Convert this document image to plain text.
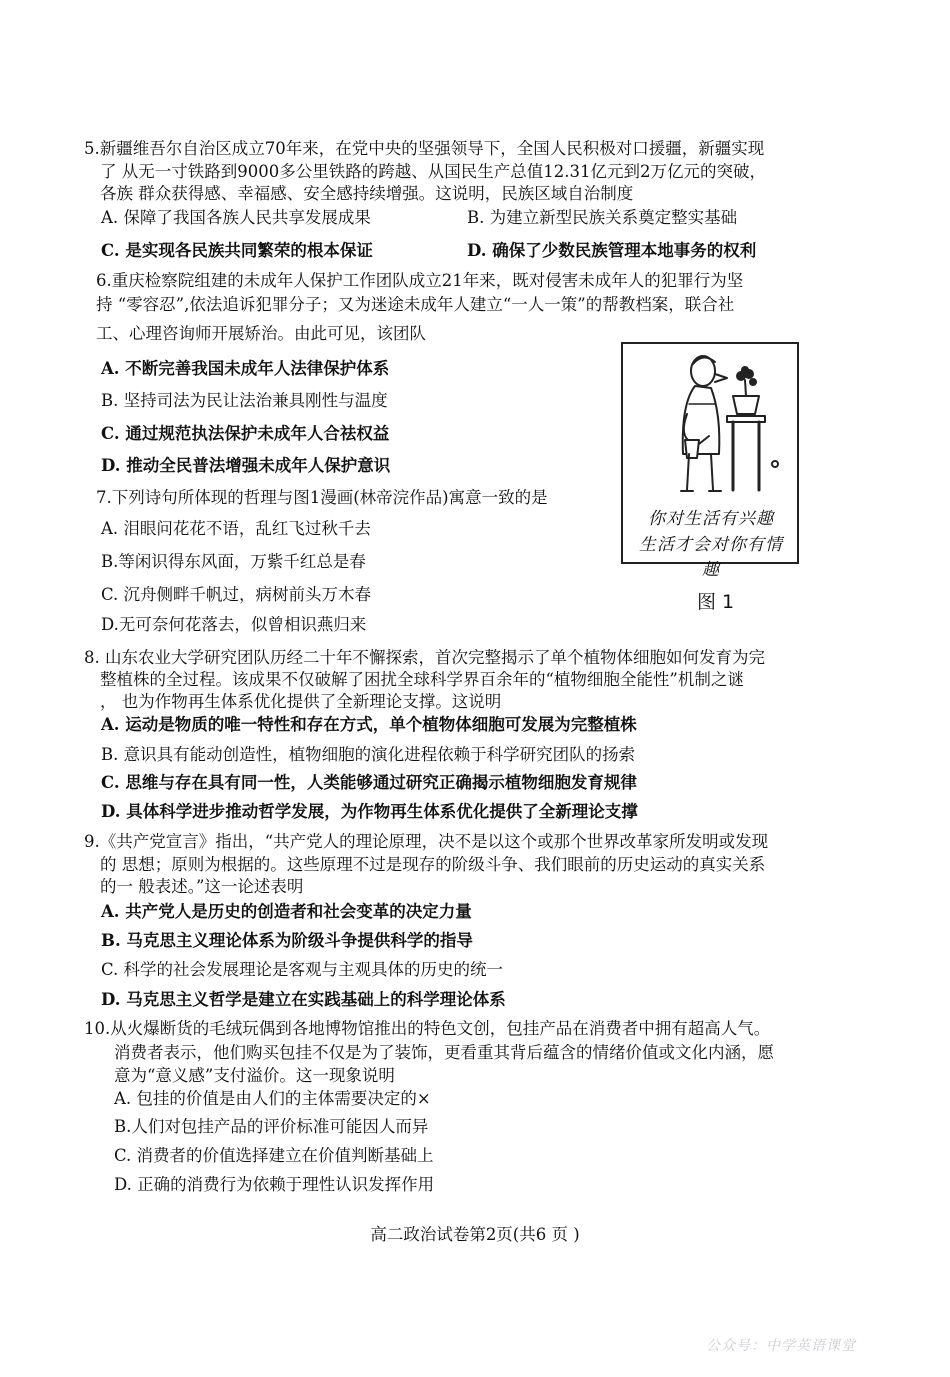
5.新疆维吾尔自治区成立70年来，在党中央的坚强领导下，全国人民积极对口援疆，新疆实现
了 从无一寸铁路到9000多公里铁路的跨越、从国民生产总值12.31亿元到2万亿元的突破，
各族 群众获得感、幸福感、安全感持续增强。这说明，民族区域自治制度
A. 保障了我国各族人民共享发展成果	B. 为建立新型民族关系奠定整实基础
C. 是实现各民族共同繁荣的根本保证	D. 确保了少数民族管理本地事务的权利
6.重庆检察院组建的未成年人保护工作团队成立21年来，既对侵害未成年人的犯罪行为坚
持 “零容忍”,依法追诉犯罪分子；又为迷途未成年人建立“一人一策”的帮教档案，联合社
工、心理咨询师开展矫治。由此可见，该团队
A. 不断完善我国未成年人法律保护体系
B. 坚持司法为民让法治兼具刚性与温度
C. 通过规范执法保护未成年人合祛权益
D. 推动全民普法增强未成年人保护意识
7.下列诗句所体现的哲理与图1漫画(林帝浣作品)寓意一致的是
A. 泪眼问花花不语，乱红飞过秋千去
B.等闲识得东风面，万紫千红总是春
C. 沉舟侧畔千帆过，病树前头万木春
D.无可奈何花落去，似曾相识燕归来
你对生活有兴趣
生活才会对你有情趣
图 1
8. 山东农业大学研究团队历经二十年不懈探索，首次完整揭示了单个植物体细胞如何发育为完
整植株的全过程。该成果不仅破解了困扰全球科学界百余年的“植物细胞全能性”机制之谜
， 也为作物再生体系优化提供了全新理论支撑。这说明
A. 运动是物质的唯一特性和存在方式，单个植物体细胞可发展为完整植株
B. 意识具有能动创造性，植物细胞的演化进程依赖于科学研究团队的扬索
C. 思维与存在具有同一性，人类能够通过研究正确揭示植物细胞发育规律
D. 具体科学进步推动哲学发展，为作物再生体系优化提供了全新理论支撑
9.《共产党宣言》指出，“共产党人的理论原理，决不是以这个或那个世界改革家所发明或发现
的 思想；原则为根据的。这些原理不过是现存的阶级斗争、我们眼前的历史运动的真实关系
的一 般表述。”这一论述表明
A. 共产党人是历史的创造者和社会变革的决定力量
B. 马克思主义理论体系为阶级斗争提供科学的指导
C. 科学的社会发展理论是客观与主观具体的历史的统一
D. 马克思主义哲学是建立在实践基础上的科学理论体系
10.从火爆断货的毛绒玩偶到各地博物馆推出的特色文创，包挂产品在消费者中拥有超高人气。
消费者表示，他们购买包挂不仅是为了装饰，更看重其背后蕴含的情绪价值或文化内涵，愿
意为“意义感”支付溢价。这一现象说明
A. 包挂的价值是由人们的主体需要决定的×
B.人们对包挂产品的评价标准可能因人而异
C. 消费者的价值选择建立在价值判断基础上
D. 正确的消费行为依赖于理性认识发挥作用
高二政治试卷第2页(共6 页 )
公众号：中学英语课堂
